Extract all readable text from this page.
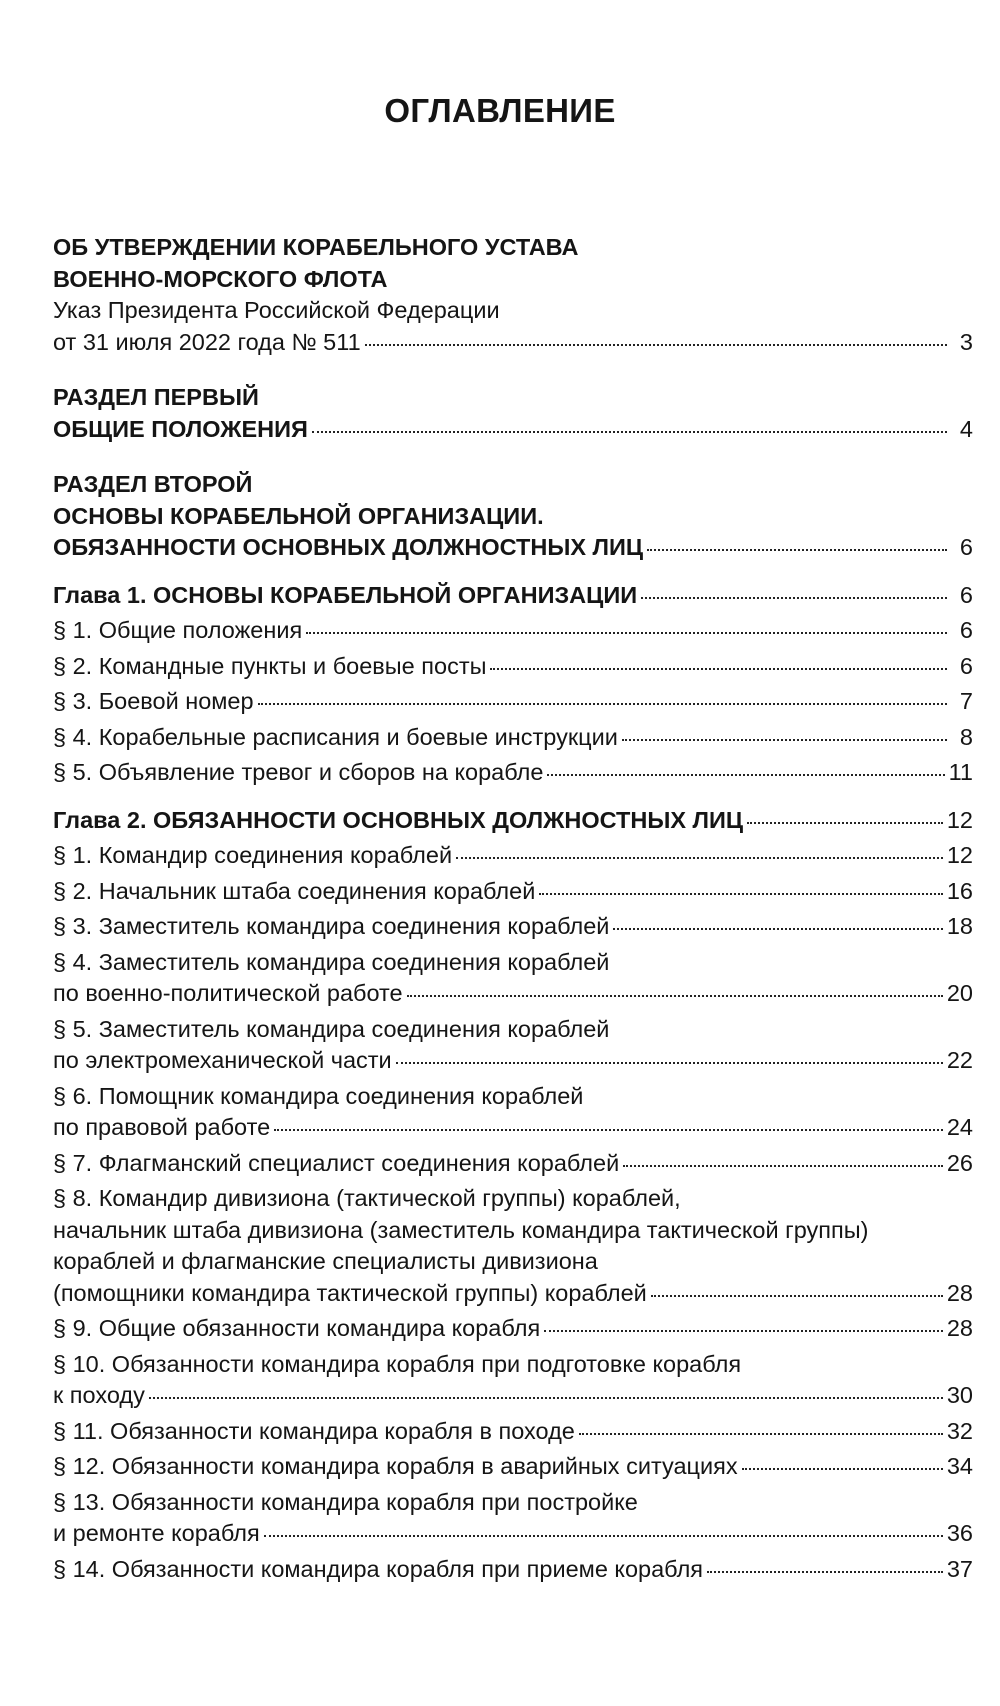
ОГЛАВЛЕНИЕ
ОБ УТВЕРЖДЕНИИ КОРАБЕЛЬНОГО УСТАВА
ВОЕННО-МОРСКОГО ФЛОТА
Указ Президента Российской Федерации
от 31 июля 2022 года № 511	3
РАЗДЕЛ ПЕРВЫЙ
ОБЩИЕ ПОЛОЖЕНИЯ	4
РАЗДЕЛ ВТОРОЙ
ОСНОВЫ КОРАБЕЛЬНОЙ ОРГАНИЗАЦИИ.
ОБЯЗАННОСТИ ОСНОВНЫХ ДОЛЖНОСТНЫХ ЛИЦ	6
Глава 1. ОСНОВЫ КОРАБЕЛЬНОЙ ОРГАНИЗАЦИИ	6
§ 1. Общие положения	6
§ 2. Командные пункты и боевые посты	6
§ 3. Боевой номер	7
§ 4. Корабельные расписания и боевые инструкции	8
§ 5. Объявление тревог и сборов на корабле	11
Глава 2. ОБЯЗАННОСТИ ОСНОВНЫХ ДОЛЖНОСТНЫХ ЛИЦ	12
§ 1. Командир соединения кораблей	12
§ 2. Начальник штаба соединения кораблей	16
§ 3. Заместитель командира соединения кораблей	18
§ 4. Заместитель командира соединения кораблей
по военно-политической работе	20
§ 5. Заместитель командира соединения кораблей
по электромеханической части	22
§ 6. Помощник командира соединения кораблей
по правовой работе	24
§ 7. Флагманский специалист соединения кораблей	26
§ 8. Командир дивизиона (тактической группы) кораблей,
начальник штаба дивизиона (заместитель командира тактической группы)
кораблей и флагманские специалисты дивизиона
(помощники командира тактической группы) кораблей	28
§ 9. Общие обязанности командира корабля	28
§ 10. Обязанности командира корабля при подготовке корабля
к походу	30
§ 11. Обязанности командира корабля в походе	32
§ 12. Обязанности командира корабля в аварийных ситуациях	34
§ 13. Обязанности командира корабля при постройке
и ремонте корабля	36
§ 14. Обязанности командира корабля при приеме корабля	37
